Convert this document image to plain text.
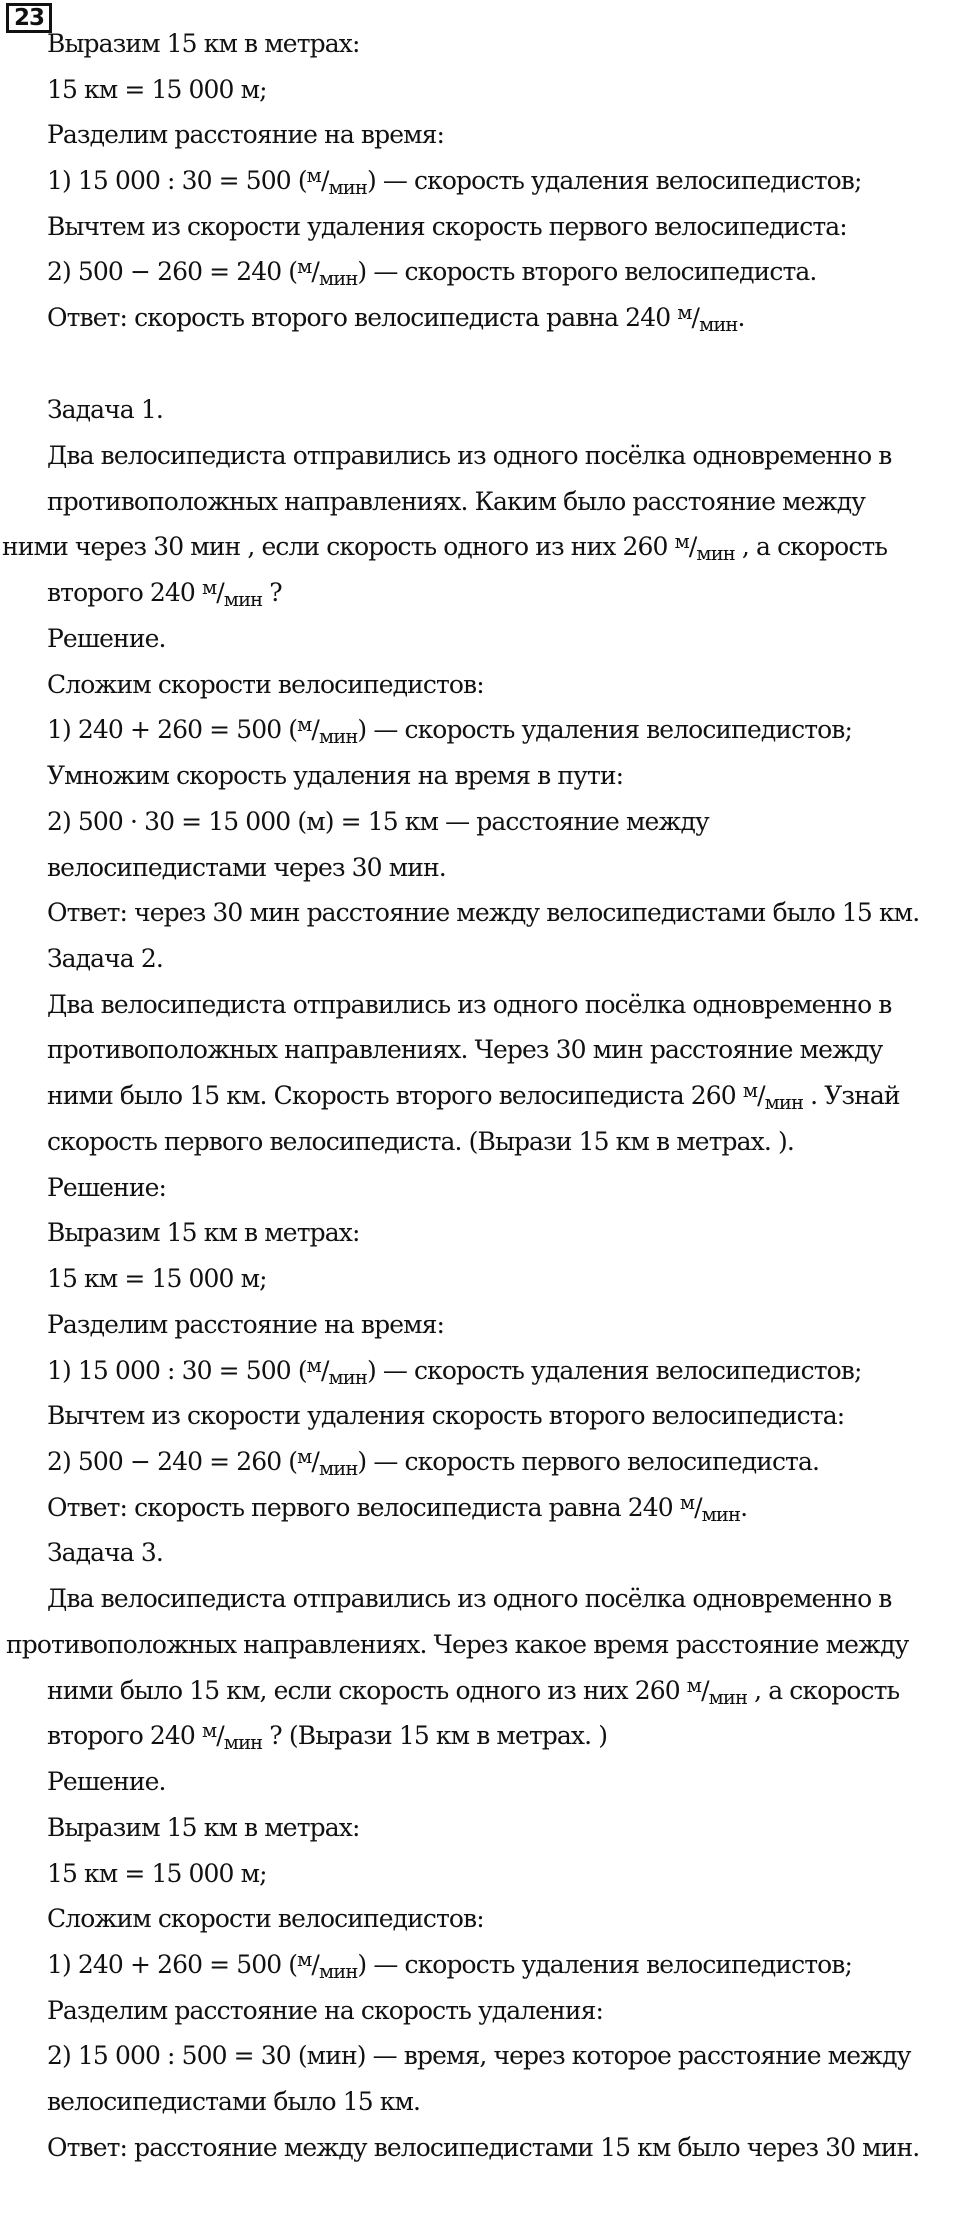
23
Выразим 15 км в метрах:
15 км = 15 000 м;
Разделим расстояние на время:
1) 15 000 : 30 = 500 $(^м/_{мин})$ — скорость удаления велосипедистов;
Вычтем из скорости удаления скорость первого велосипедиста:
2) 500 − 260 = 240 $(^м/_{мин})$ — скорость второго велосипедиста.
Ответ: скорость второго велосипедиста равна 240 $^м/_{мин}$.
Задача 1.
Два велосипедиста отправились из одного посёлка одновременно в
противоположных направлениях. Каким было расстояние между
ними через 30 мин , если скорость одного из них 260 $^м/_{мин}$ , а скорость
второго 240 $^м/_{мин}$ ?
Решение.
Сложим скорости велосипедистов:
1) 240 + 260 = 500 $(^м/_{мин})$ — скорость удаления велосипедистов;
Умножим скорость удаления на время в пути:
2) 500 · 30 = 15 000 (м) = 15 км — расстояние между
велосипедистами через 30 мин.
Ответ: через 30 мин расстояние между велосипедистами было 15 км.
Задача 2.
Два велосипедиста отправились из одного посёлка одновременно в
противоположных направлениях. Через 30 мин расстояние между
ними было 15 км. Скорость второго велосипедиста 260 $^м/_{мин}$ . Узнай
скорость первого велосипедиста. (Вырази 15 км в метрах. ).
Решение:
Выразим 15 км в метрах:
15 км = 15 000 м;
Разделим расстояние на время:
1) 15 000 : 30 = 500 $(^м/_{мин})$ — скорость удаления велосипедистов;
Вычтем из скорости удаления скорость второго велосипедиста:
2) 500 − 240 = 260 $(^м/_{мин})$ — скорость первого велосипедиста.
Ответ: скорость первого велосипедиста равна 240 $^м/_{мин}$.
Задача 3.
Два велосипедиста отправились из одного посёлка одновременно в
противоположных направлениях. Через какое время расстояние между
ними было 15 км, если скорость одного из них 260 $^м/_{мин}$ , а скорость
второго 240 $^м/_{мин}$ ? (Вырази 15 км в метрах. )
Решение.
Выразим 15 км в метрах:
15 км = 15 000 м;
Сложим скорости велосипедистов:
1) 240 + 260 = 500 $(^м/_{мин})$ — скорость удаления велосипедистов;
Разделим расстояние на скорость удаления:
2) 15 000 : 500 = 30 (мин) — время, через которое расстояние между
велосипедистами было 15 км.
Ответ: расстояние между велосипедистами 15 км было через 30 мин.
